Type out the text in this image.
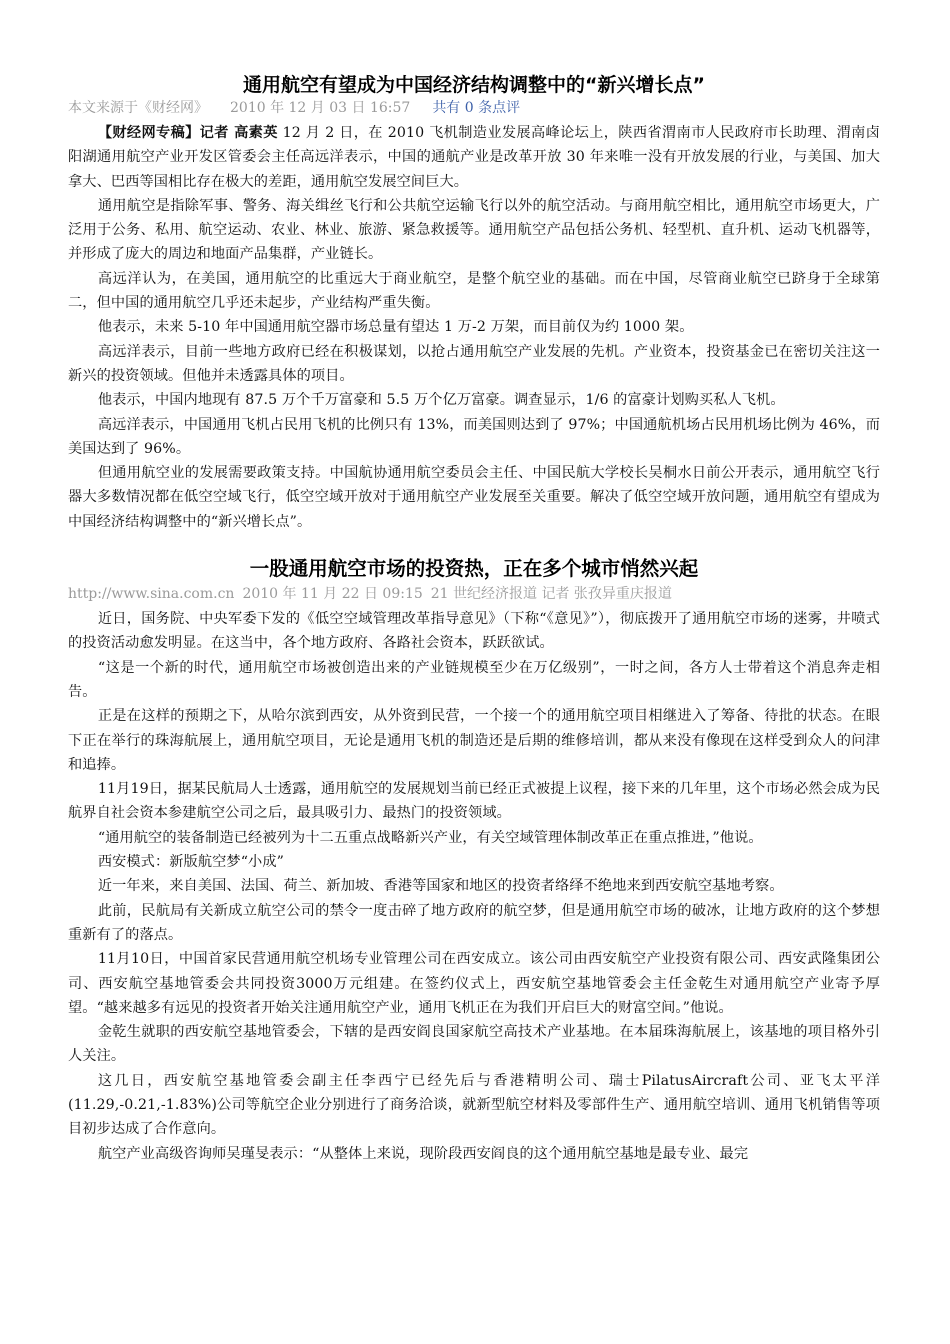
通用航空有望成为中国经济结构调整中的“新兴增长点”
本文来源于《财经网》 2010 年 12 月 03 日 16:57 共有 0 条点评

【财经网专稿】记者 高素英 12 月 2 日，在 2010 飞机制造业发展高峰论坛上，陕西省渭南市人民政府市长助理、渭南卤阳湖通用航空产业开发区管委会主任高远洋表示，中国的通航产业是改革开放 30 年来唯一没有开放发展的行业，与美国、加大拿大、巴西等国相比存在极大的差距，通用航空发展空间巨大。

通用航空是指除军事、警务、海关缉丝飞行和公共航空运输飞行以外的航空活动。与商用航空相比，通用航空市场更大，广泛用于公务、私用、航空运动、农业、林业、旅游、紧急救援等。通用航空产品包括公务机、轻型机、直升机、运动飞机器等，并形成了庞大的周边和地面产品集群，产业链长。

高远洋认为，在美国，通用航空的比重远大于商业航空，是整个航空业的基础。而在中国，尽管商业航空已跻身于全球第二，但中国的通用航空几乎还未起步，产业结构严重失衡。

他表示，未来 5-10 年中国通用航空器市场总量有望达 1 万-2 万架，而目前仅为约 1000 架。

高远洋表示，目前一些地方政府已经在积极谋划，以抢占通用航空产业发展的先机。产业资本，投资基金已在密切关注这一新兴的投资领域。但他并未透露具体的项目。

他表示，中国内地现有 87.5 万个千万富豪和 5.5 万个亿万富豪。调查显示，1/6 的富豪计划购买私人飞机。

高远洋表示，中国通用飞机占民用飞机的比例只有 13%，而美国则达到了 97%；中国通航机场占民用机场比例为 46%，而美国达到了 96%。

但通用航空业的发展需要政策支持。中国航协通用航空委员会主任、中国民航大学校长吴桐水日前公开表示，通用航空飞行器大多数情况都在低空空域飞行，低空空域开放对于通用航空产业发展至关重要。解决了低空空域开放问题，通用航空有望成为中国经济结构调整中的“新兴增长点”。

一股通用航空市场的投资热，正在多个城市悄然兴起
http://www.sina.com.cn 2010 年 11 月 22 日 09:15 21 世纪经济报道 记者 张孜异重庆报道

近日，国务院、中央军委下发的《低空空域管理改革指导意见》（下称“《意见》”），彻底拨开了通用航空市场的迷雾，井喷式的投资活动愈发明显。在这当中，各个地方政府、各路社会资本，跃跃欲试。

“这是一个新的时代，通用航空市场被创造出来的产业链规模至少在万亿级别”，一时之间，各方人士带着这个消息奔走相告。

正是在这样的预期之下，从哈尔滨到西安，从外资到民营，一个接一个的通用航空项目相继进入了筹备、待批的状态。在眼下正在举行的珠海航展上，通用航空项目，无论是通用飞机的制造还是后期的维修培训，都从来没有像现在这样受到众人的问津和追捧。

11月19日，据某民航局人士透露，通用航空的发展规划当前已经正式被提上议程，接下来的几年里，这个市场必然会成为民航界自社会资本参建航空公司之后，最具吸引力、最热门的投资领域。

“通用航空的装备制造已经被列为十二五重点战略新兴产业，有关空域管理体制改革正在重点推进，”他说。

西安模式：新版航空梦“小成”

近一年来，来自美国、法国、荷兰、新加坡、香港等国家和地区的投资者络绎不绝地来到西安航空基地考察。

此前，民航局有关新成立航空公司的禁令一度击碎了地方政府的航空梦，但是通用航空市场的破冰，让地方政府的这个梦想重新有了的落点。

11月10日，中国首家民营通用航空机场专业管理公司在西安成立。该公司由西安航空产业投资有限公司、西安武隆集团公司、西安航空基地管委会共同投资3000万元组建。在签约仪式上，西安航空基地管委会主任金乾生对通用航空产业寄予厚望。“越来越多有远见的投资者开始关注通用航空产业，通用飞机正在为我们开启巨大的财富空间。”他说。

金乾生就职的西安航空基地管委会，下辖的是西安阎良国家航空高技术产业基地。在本届珠海航展上，该基地的项目格外引人关注。

这几日，西安航空基地管委会副主任李西宁已经先后与香港精明公司、瑞士PilatusAircraft公司、亚飞太平洋(11.29,-0.21,-1.83%)公司等航空企业分别进行了商务洽谈，就新型航空材料及零部件生产、通用航空培训、通用飞机销售等项目初步达成了合作意向。

航空产业高级咨询师吴瑾旻表示：“从整体上来说，现阶段西安阎良的这个通用航空基地是最专业、最完
